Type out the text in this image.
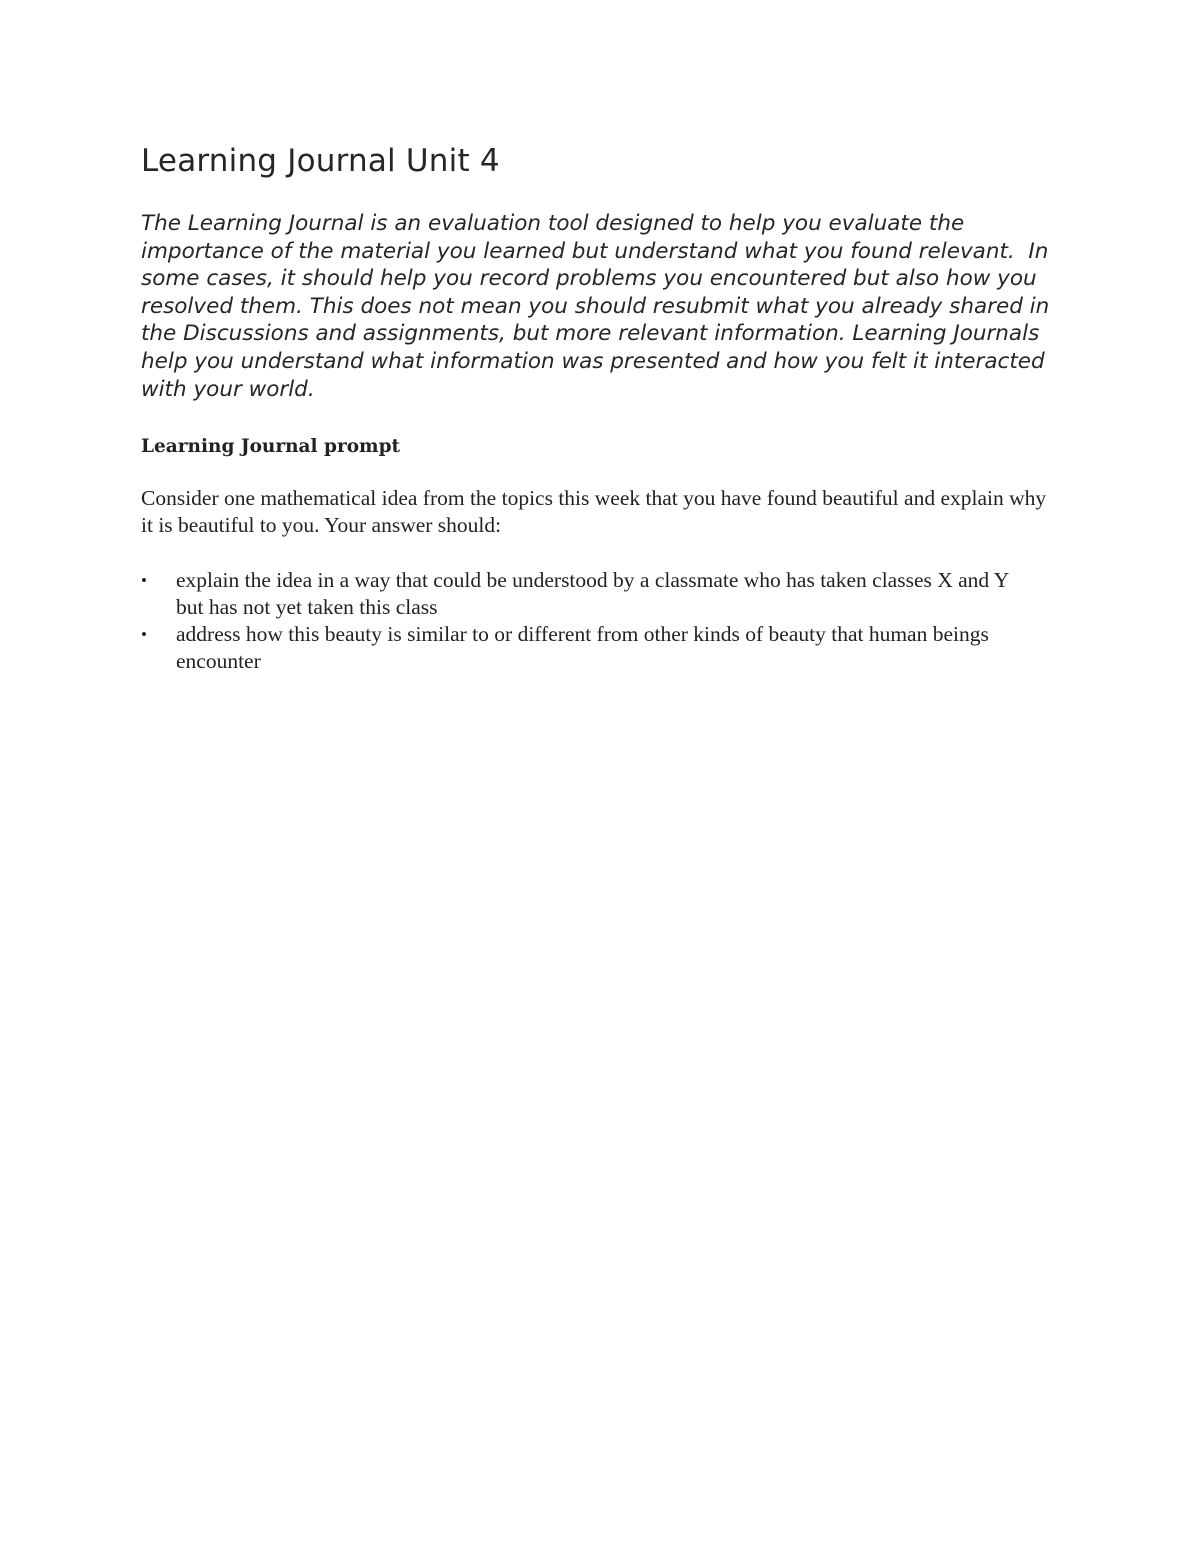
Learning Journal Unit 4

The Learning Journal is an evaluation tool designed to help you evaluate the importance of the material you learned but understand what you found relevant.  In some cases, it should help you record problems you encountered but also how you resolved them. This does not mean you should resubmit what you already shared in the Discussions and assignments, but more relevant information. Learning Journals help you understand what information was presented and how you felt it interacted with your world.

Learning Journal prompt

Consider one mathematical idea from the topics this week that you have found beautiful and explain why it is beautiful to you. Your answer should:

• explain the idea in a way that could be understood by a classmate who has taken classes X and Y but has not yet taken this class
• address how this beauty is similar to or different from other kinds of beauty that human beings encounter
